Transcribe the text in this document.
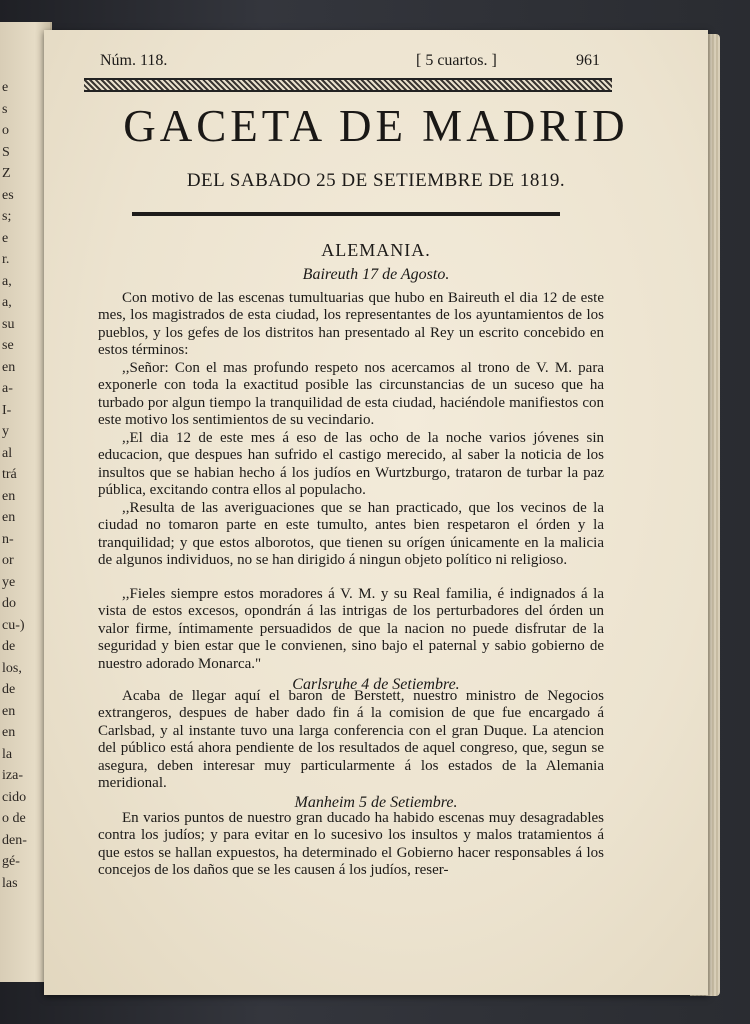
e
s
o
S
Z
es
s;
e
r.
a,
a,
su
se
en
a-
I-
y
al
trá
en
en
n-
or
ye
do
cu-)
de
los,
de
en
en
la
iza-
cido
o de
den-
gé-
las
Núm. 118.	[ 5 cuartos. ]	961
GACETA DE MADRID
DEL SABADO 25 DE SETIEMBRE DE 1819.
ALEMANIA.
Baireuth 17 de Agosto.

Con motivo de las escenas tumultuarias que hubo en Baireuth el dia 12 de este mes, los magistrados de esta ciudad, los representantes de los ayuntamientos de los pueblos, y los gefes de los distritos han presentado al Rey un escrito concebido en estos términos:

,,Señor: Con el mas profundo respeto nos acercamos al trono de V. M. para exponerle con toda la exactitud posible las circunstancias de un suceso que ha turbado por algun tiempo la tranquilidad de esta ciudad, haciéndole manifiestos con este motivo los sentimientos de su vecindario.

,,El dia 12 de este mes á eso de las ocho de la noche varios jóvenes sin educacion, que despues han sufrido el castigo merecido, al saber la noticia de los insultos que se habian hecho á los judíos en Wurtzburgo, trataron de turbar la paz pública, excitando contra ellos al populacho.

,,Resulta de las averiguaciones que se han practicado, que los vecinos de la ciudad no tomaron parte en este tumulto, antes bien respetaron el órden y la tranquilidad; y que estos alborotos, que tienen su orígen únicamente en la malicia de algunos individuos, no se han dirigido á ningun objeto político ni religioso.

,,Fieles siempre estos moradores á V. M. y su Real familia, é indignados á la vista de estos excesos, opondrán á las intrigas de los perturbadores del órden un valor firme, íntimamente persuadidos de que la nacion no puede disfrutar de la seguridad y bien estar que le convienen, sino bajo el paternal y sabio gobierno de nuestro adorado Monarca."

Carlsruhe 4 de Setiembre.

Acaba de llegar aquí el baron de Berstett, nuestro ministro de Negocios extrangeros, despues de haber dado fin á la comision de que fue encargado á Carlsbad, y al instante tuvo una larga conferencia con el gran Duque. La atencion del público está ahora pendiente de los resultados de aquel congreso, que, segun se asegura, deben interesar muy particularmente á los estados de la Alemania meridional.

Manheim 5 de Setiembre.

En varios puntos de nuestro gran ducado ha habido escenas muy desagradables contra los judíos; y para evitar en lo sucesivo los insultos y malos tratamientos á que estos se hallan expuestos, ha determinado el Gobierno hacer responsables á los concejos de los daños que se les causen á los judíos, reser-
